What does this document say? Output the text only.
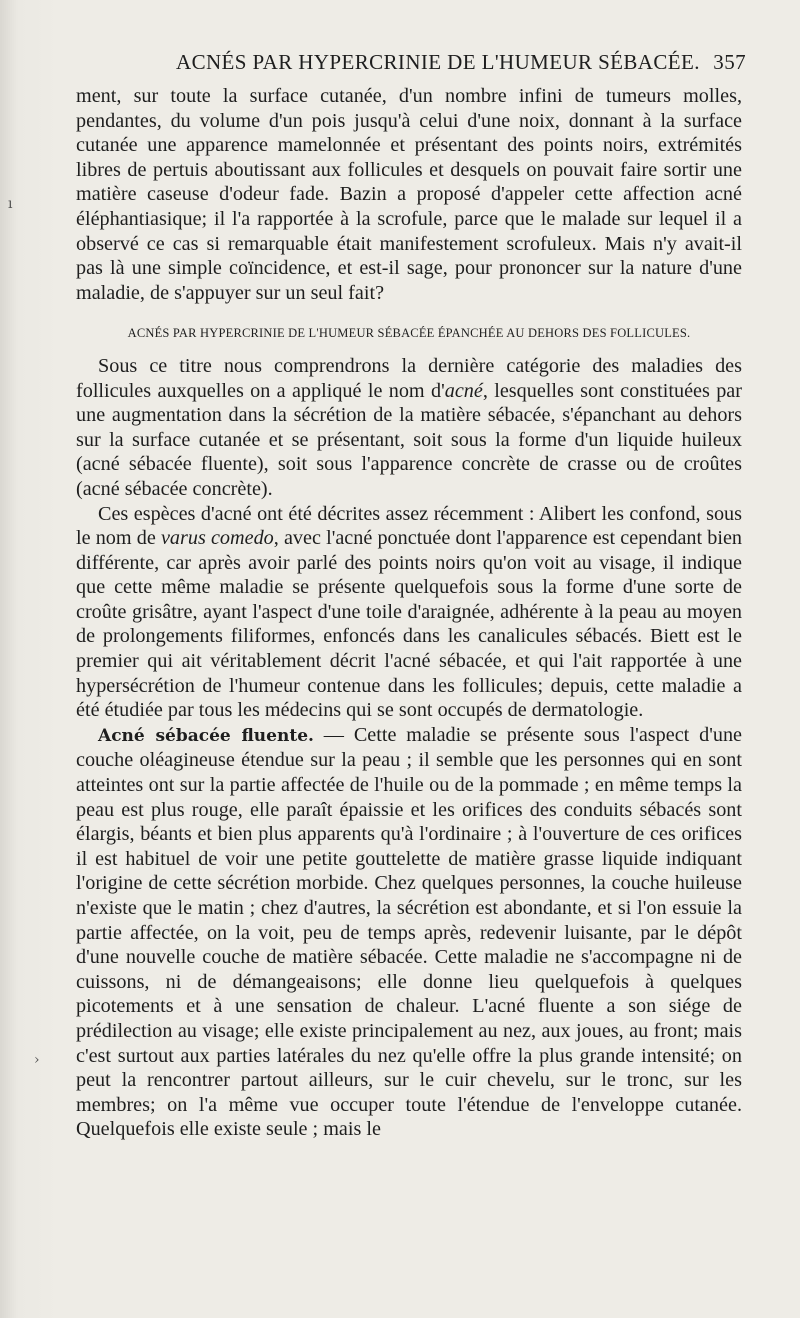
ACNÉS PAR HYPERCRINIE DE L'HUMEUR SÉBACÉE. 357
ı
›

ment, sur toute la surface cutanée, d'un nombre infini de tumeurs molles, pendantes, du volume d'un pois jusqu'à celui d'une noix, donnant à la surface cutanée une apparence mamelonnée et présentant des points noirs, extrémités libres de pertuis aboutissant aux follicules et desquels on pouvait faire sortir une matière caseuse d'odeur fade. Bazin a proposé d'appeler cette affection acné éléphantiasique; il l'a rapportée à la scrofule, parce que le malade sur lequel il a observé ce cas si remarquable était manifestement scrofuleux. Mais n'y avait-il pas là une simple coïncidence, et est-il sage, pour prononcer sur la nature d'une maladie, de s'appuyer sur un seul fait?

ACNÉS PAR HYPERCRINIE DE L'HUMEUR SÉBACÉE ÉPANCHÉE AU DEHORS DES FOLLICULES.

Sous ce titre nous comprendrons la dernière catégorie des maladies des follicules auxquelles on a appliqué le nom d'acné, lesquelles sont constituées par une augmentation dans la sécrétion de la matière sébacée, s'épanchant au dehors sur la surface cutanée et se présentant, soit sous la forme d'un liquide huileux (acné sébacée fluente), soit sous l'apparence concrète de crasse ou de croûtes (acné sébacée concrète).

Ces espèces d'acné ont été décrites assez récemment : Alibert les confond, sous le nom de varus comedo, avec l'acné ponctuée dont l'apparence est cependant bien différente, car après avoir parlé des points noirs qu'on voit au visage, il indique que cette même maladie se présente quelquefois sous la forme d'une sorte de croûte grisâtre, ayant l'aspect d'une toile d'araignée, adhérente à la peau au moyen de prolongements filiformes, enfoncés dans les canalicules sébacés. Biett est le premier qui ait véritablement décrit l'acné sébacée, et qui l'ait rapportée à une hypersécrétion de l'humeur contenue dans les follicules; depuis, cette maladie a été étudiée par tous les médecins qui se sont occupés de dermatologie.

Acné sébacée fluente. — Cette maladie se présente sous l'aspect d'une couche oléagineuse étendue sur la peau ; il semble que les personnes qui en sont atteintes ont sur la partie affectée de l'huile ou de la pommade ; en même temps la peau est plus rouge, elle paraît épaissie et les orifices des conduits sébacés sont élargis, béants et bien plus apparents qu'à l'ordinaire ; à l'ouverture de ces orifices il est habituel de voir une petite gouttelette de matière grasse liquide indiquant l'origine de cette sécrétion morbide. Chez quelques personnes, la couche huileuse n'existe que le matin ; chez d'autres, la sécrétion est abondante, et si l'on essuie la partie affectée, on la voit, peu de temps après, redevenir luisante, par le dépôt d'une nouvelle couche de matière sébacée. Cette maladie ne s'accompagne ni de cuissons, ni de démangeaisons; elle donne lieu quelquefois à quelques picotements et à une sensation de chaleur. L'acné fluente a son siége de prédilection au visage; elle existe principalement au nez, aux joues, au front; mais c'est surtout aux parties latérales du nez qu'elle offre la plus grande intensité; on peut la rencontrer partout ailleurs, sur le cuir chevelu, sur le tronc, sur les membres; on l'a même vue occuper toute l'étendue de l'enveloppe cutanée. Quelquefois elle existe seule ; mais le
